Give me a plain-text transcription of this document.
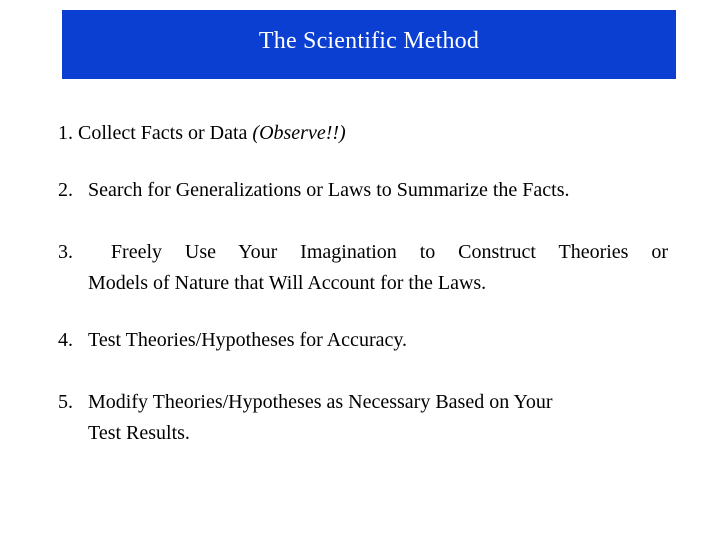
The Scientific Method
1. Collect Facts or Data (Observe!!)
2. Search for Generalizations or Laws to Summarize the Facts.
3. Freely Use Your Imagination to Construct Theories or
Models of Nature that Will Account for the Laws.
4. Test Theories/Hypotheses for Accuracy.
5. Modify Theories/Hypotheses as Necessary Based on Your
Test Results.
